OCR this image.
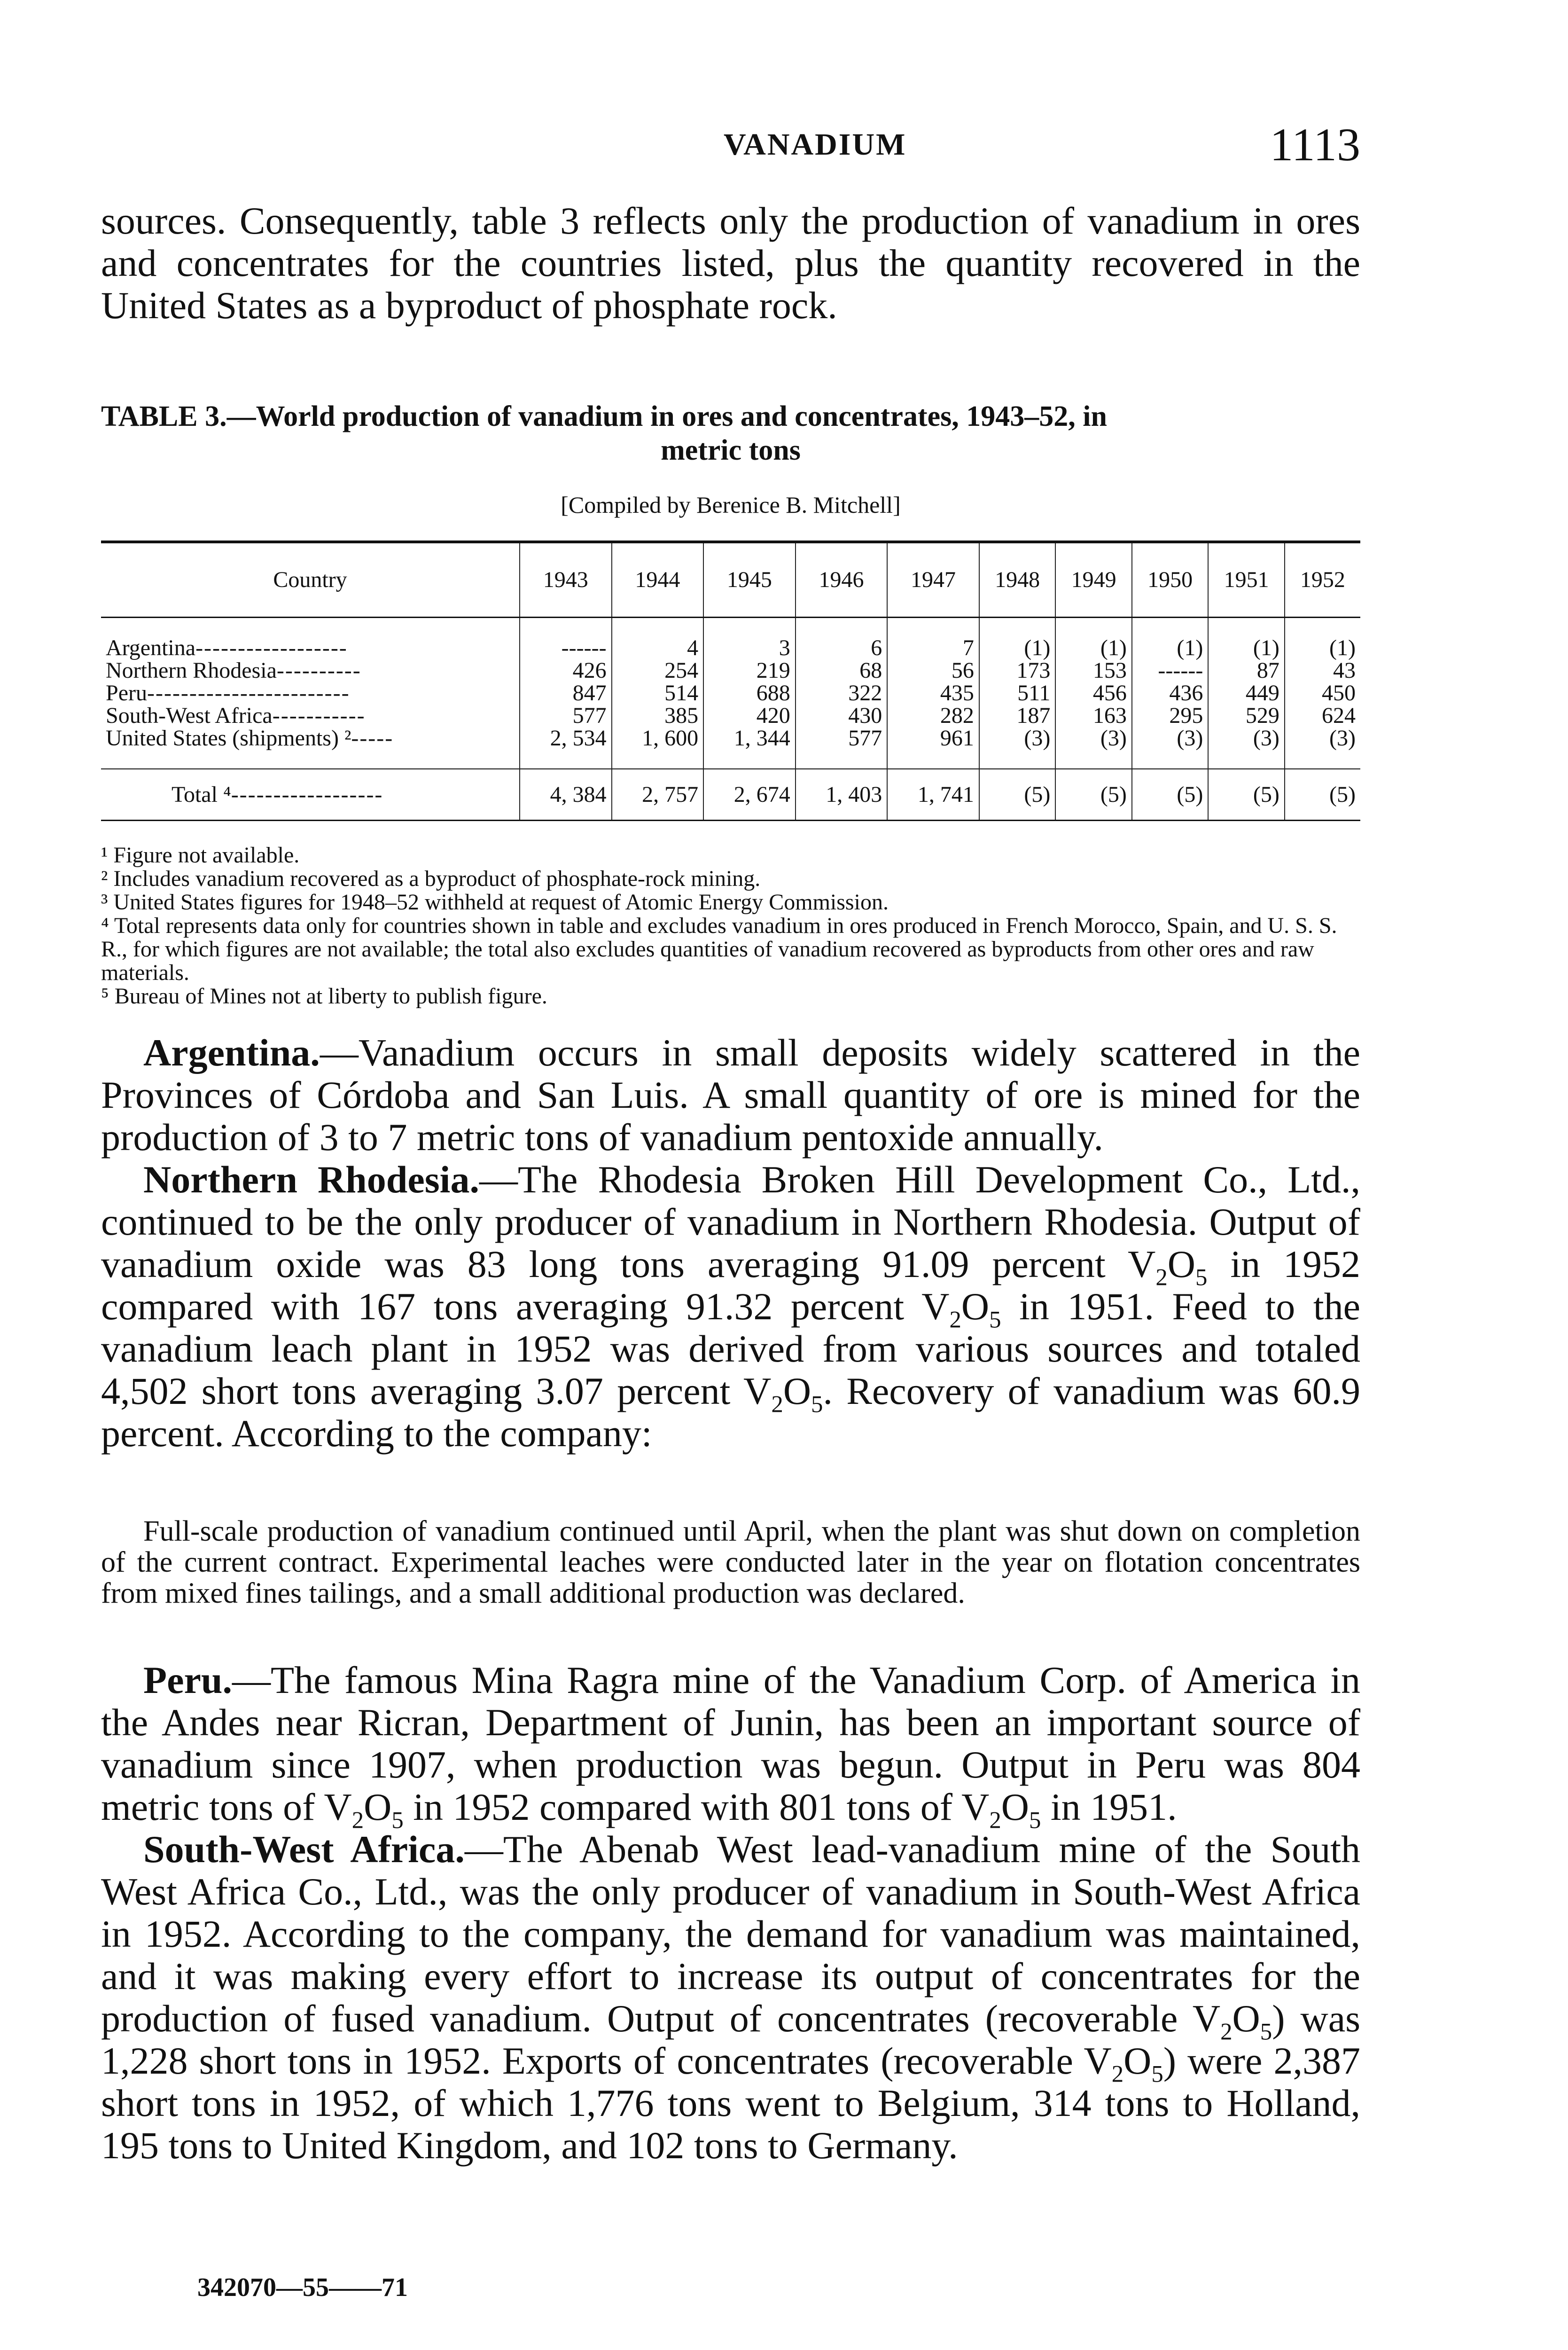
VANADIUM	1113

sources. Consequently, table 3 reflects only the production of vanadium in ores and concentrates for the countries listed, plus the quantity recovered in the United States as a byproduct of phosphate rock.

TABLE 3.—World production of vanadium in ores and concentrates, 1943–52, in
metric tons
[Compiled by Berenice B. Mitchell]
Country	1943	1944	1945	1946	1947	1948	1949	1950	1951	1952
Argentina------------------	------	4	3	6	7	(1)	(1)	(1)	(1)	(1)
Northern Rhodesia----------	426	254	219	68	56	173	153	------	87	43
Peru------------------------	847	514	688	322	435	511	456	436	449	450
South-West Africa-----------	577	385	420	430	282	187	163	295	529	624
United States (shipments) ²-----	2, 534	1, 600	1, 344	577	961	(3)	(3)	(3)	(3)	(3)
Total ⁴------------------	4, 384	2, 757	2, 674	1, 403	1, 741	(5)	(5)	(5)	(5)	(5)

¹ Figure not available.

² Includes vanadium recovered as a byproduct of phosphate-rock mining.

³ United States figures for 1948–52 withheld at request of Atomic Energy Commission.

⁴ Total represents data only for countries shown in table and excludes vanadium in ores produced in French Morocco, Spain, and U. S. S. R., for which figures are not available; the total also excludes quantities of vanadium recovered as byproducts from other ores and raw materials.

⁵ Bureau of Mines not at liberty to publish figure.

Argentina.—Vanadium occurs in small deposits widely scattered in the Provinces of Córdoba and San Luis. A small quantity of ore is mined for the production of 3 to 7 metric tons of vanadium pentoxide annually.

Northern Rhodesia.—The Rhodesia Broken Hill Development Co., Ltd., continued to be the only producer of vanadium in Northern Rhodesia. Output of vanadium oxide was 83 long tons averaging 91.09 percent $V_2O_5$ in 1952 compared with 167 tons averaging 91.32 percent $V_2O_5$ in 1951. Feed to the vanadium leach plant in 1952 was derived from various sources and totaled 4,502 short tons averaging 3.07 percent $V_2O_5$. Recovery of vanadium was 60.9 percent. According to the company:

Full-scale production of vanadium continued until April, when the plant was shut down on completion of the current contract. Experimental leaches were conducted later in the year on flotation concentrates from mixed fines tailings, and a small additional production was declared.

Peru.—The famous Mina Ragra mine of the Vanadium Corp. of America in the Andes near Ricran, Department of Junin, has been an important source of vanadium since 1907, when production was begun. Output in Peru was 804 metric tons of $V_2O_5$ in 1952 compared with 801 tons of $V_2O_5$ in 1951.

South-West Africa.—The Abenab West lead-vanadium mine of the South West Africa Co., Ltd., was the only producer of vanadium in South-West Africa in 1952. According to the company, the demand for vanadium was maintained, and it was making every effort to increase its output of concentrates for the production of fused vanadium. Output of concentrates (recoverable $V_2O_5$) was 1,228 short tons in 1952. Exports of concentrates (recoverable $V_2O_5$) were 2,387 short tons in 1952, of which 1,776 tons went to Belgium, 314 tons to Holland, 195 tons to United Kingdom, and 102 tons to Germany.

342070—55——71
